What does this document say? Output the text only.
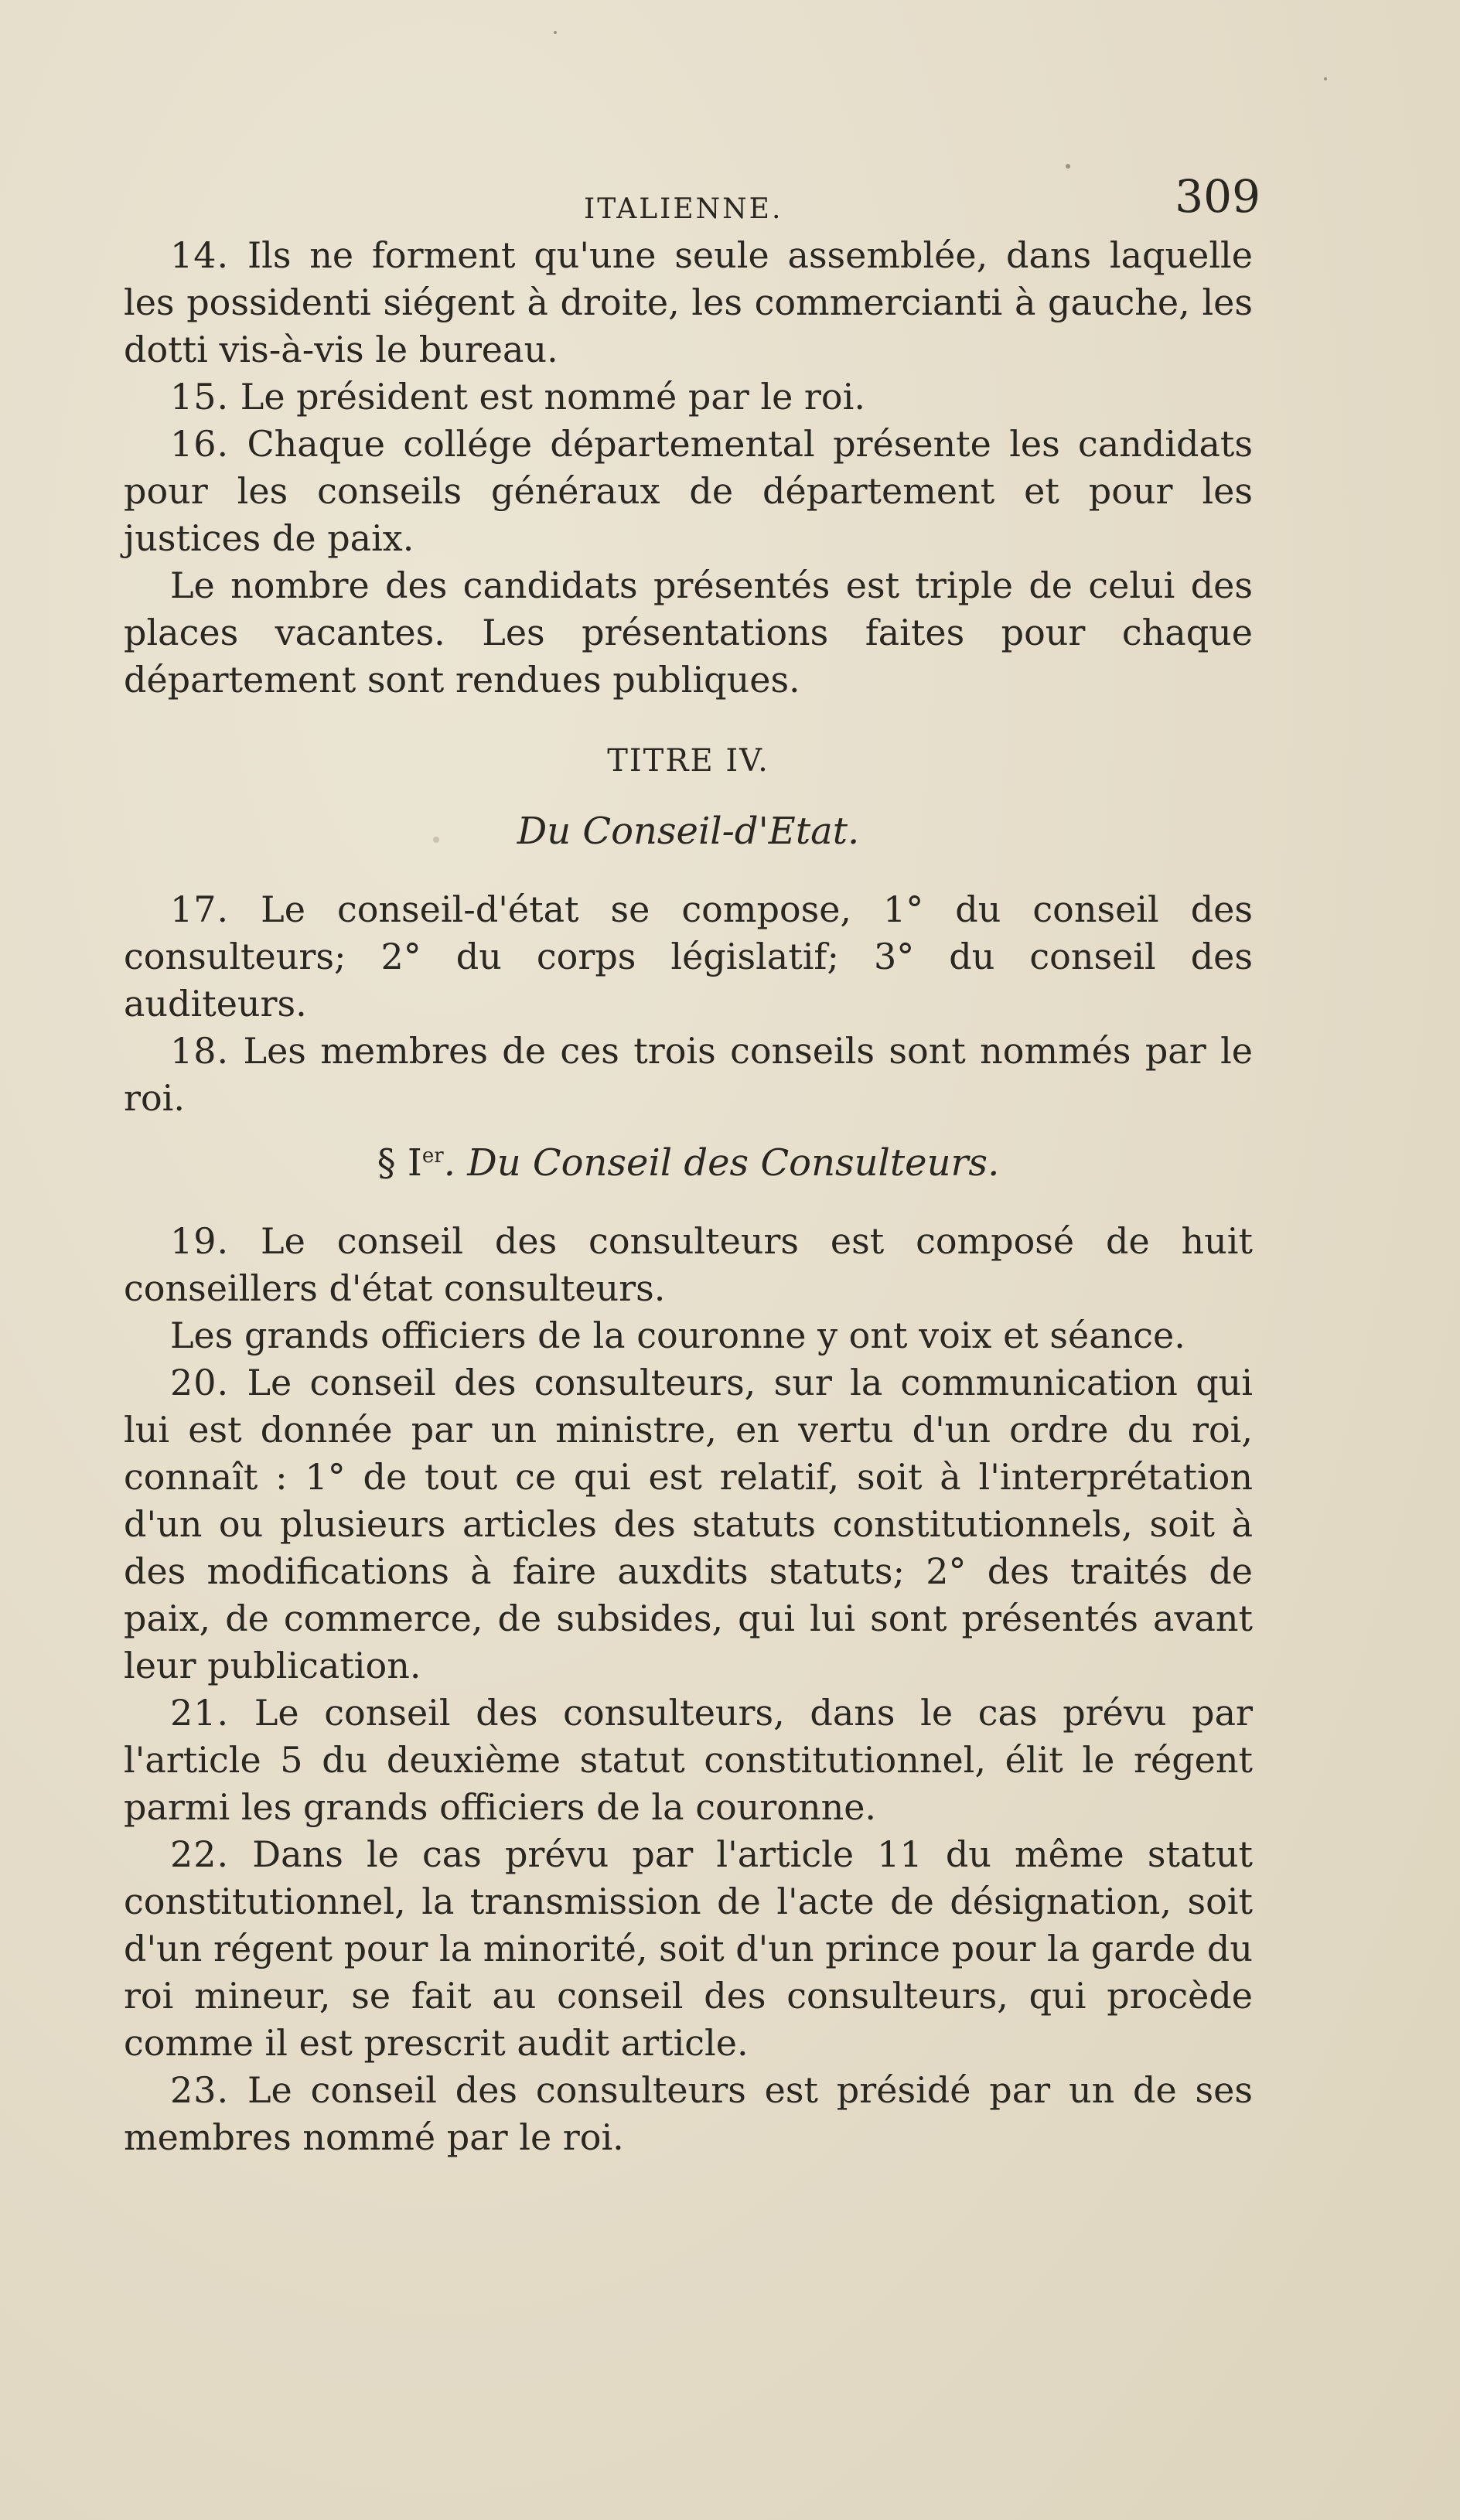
ITALIENNE.	309

14. Ils ne forment qu'une seule assemblée, dans laquelle les possidenti siégent à droite, les commercianti à gauche, les dotti vis-à-vis le bureau.

15. Le président est nommé par le roi.

16. Chaque collége départemental présente les candidats pour les conseils généraux de département et pour les justices de paix.

Le nombre des candidats présentés est triple de celui des places vacantes. Les présentations faites pour chaque département sont rendues publiques.

TITRE IV.

Du Conseil-d'Etat.

17. Le conseil-d'état se compose, 1° du conseil des consulteurs; 2° du corps législatif; 3° du conseil des auditeurs.

18. Les membres de ces trois conseils sont nommés par le roi.

§ Ier. Du Conseil des Consulteurs.

19. Le conseil des consulteurs est composé de huit conseillers d'état consulteurs.

Les grands officiers de la couronne y ont voix et séance.

20. Le conseil des consulteurs, sur la communication qui lui est donnée par un ministre, en vertu d'un ordre du roi, connaît : 1° de tout ce qui est relatif, soit à l'interprétation d'un ou plusieurs articles des statuts constitutionnels, soit à des modifications à faire auxdits statuts; 2° des traités de paix, de commerce, de subsides, qui lui sont présentés avant leur publication.

21. Le conseil des consulteurs, dans le cas prévu par l'article 5 du deuxième statut constitutionnel, élit le régent parmi les grands officiers de la couronne.

22. Dans le cas prévu par l'article 11 du même statut constitutionnel, la transmission de l'acte de désignation, soit d'un régent pour la minorité, soit d'un prince pour la garde du roi mineur, se fait au conseil des consulteurs, qui procède comme il est prescrit audit article.

23. Le conseil des consulteurs est présidé par un de ses membres nommé par le roi.
